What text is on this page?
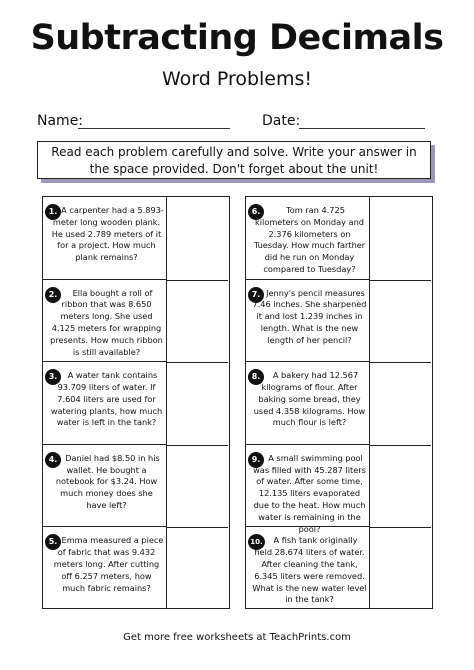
Subtracting Decimals
Word Problems!
Name:	Date:
Read each problem carefully and solve. Write your answer in the space provided. Don't forget about the unit!
1. A carpenter had a 5.893-meter long wooden plank. He used 2.789 meters of it for a project. How much plank remains?
2.	Ella bought a roll of ribbon that was 8.650 meters long. She used 4.125 meters for wrapping presents. How much ribbon is still available?
3.	A water tank contains 93.709 liters of water. If 7.604 liters are used for watering plants, how much water is left in the tank?
4. Daniel had $8.50 in his wallet. He bought a notebook for $3.24. How much money does she have left?
5. Emma measured a piece of fabric that was 9.432 meters long. After cutting off 6.257 meters, how much fabric remains?
6.	Tom ran 4.725 kilometers on Monday and 2.376 kilometers on Tuesday. How much farther did he run on Monday compared to Tuesday?
7. Jenny's pencil measures 7.46 inches. She sharpened it and lost 1.239 inches in length. What is the new length of her pencil?
8.	A bakery had 12.567 kilograms of flour. After baking some bread, they used 4.358 kilograms. How much flour is left?
9. A small swimming pool was filled with 45.287 liters of water. After some time, 12.135 liters evaporated due to the heat. How much water is remaining in the pool?
10.	A fish tank originally held 28.674 liters of water. After cleaning the tank, 6.345 liters were removed. What is the new water level in the tank?
Get more free worksheets at TeachPrints.com
